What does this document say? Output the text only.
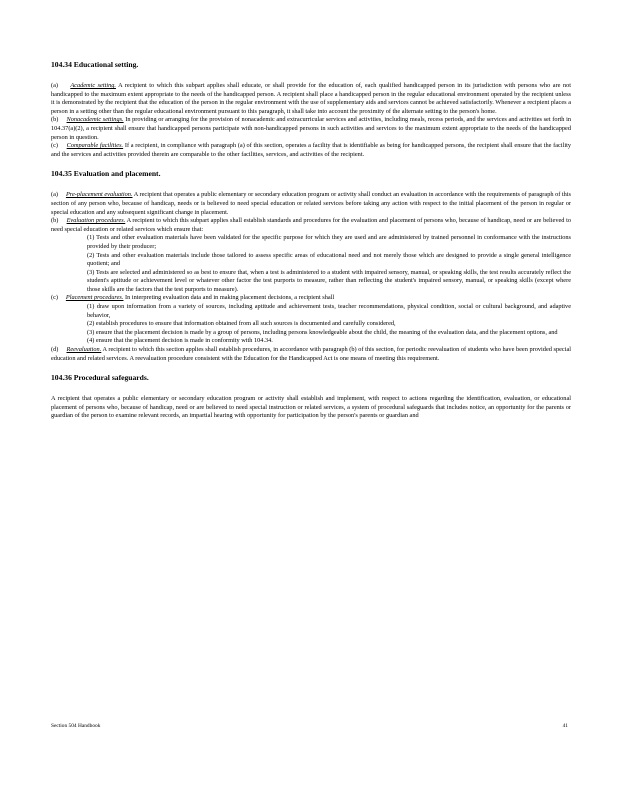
104.34 Educational setting.

(a) Academic setting. A recipient to which this subpart applies shall educate, or shall provide for the education of, each qualified handicapped person in its jurisdiction with persons who are not handicapped to the maximum extent appropriate to the needs of the handicapped person. A recipient shall place a handicapped person in the regular educational environment operated by the recipient unless it is demonstrated by the recipient that the education of the person in the regular environment with the use of supplementary aids and services cannot be achieved satisfactorily. Whenever a recipient places a person in a setting other than the regular educational environment pursuant to this paragraph, it shall take into account the proximity of the alternate setting to the person's home.

(b) Nonacademic settings. In providing or arranging for the provision of nonacademic and extracurricular services and activities, including meals, recess periods, and the services and activities set forth in 104.37(a)(2), a recipient shall ensure that handicapped persons participate with non-handicapped persons in such activities and services to the maximum extent appropriate to the needs of the handicapped person in question.

(c) Comparable facilities. If a recipient, in compliance with paragraph (a) of this section, operates a facility that is identifiable as being for handicapped persons, the recipient shall ensure that the facility and the services and activities provided therein are comparable to the other facilities, services, and activities of the recipient.

104.35 Evaluation and placement.

(a) Pre-placement evaluation. A recipient that operates a public elementary or secondary education program or activity shall conduct an evaluation in accordance with the requirements of paragraph of this section of any person who, because of handicap, needs or is believed to need special education or related services before taking any action with respect to the initial placement of the person in regular or special education and any subsequent significant change in placement.

(b) Evaluation procedures. A recipient to which this subpart applies shall establish standards and procedures for the evaluation and placement of persons who, because of handicap, need or are believed to need special education or related services which ensure that:

(1) Tests and other evaluation materials have been validated for the specific purpose for which they are used and are administered by trained personnel in conformance with the instructions provided by their producer;

(2) Tests and other evaluation materials include those tailored to assess specific areas of educational need and not merely those which are designed to provide a single general intelligence quotient; and

(3) Tests are selected and administered so as best to ensure that, when a test is administered to a student with impaired sensory, manual, or speaking skills, the test results accurately reflect the student's aptitude or achievement level or whatever other factor the test purports to measure, rather than reflecting the student's impaired sensory, manual, or speaking skills (except where those skills are the factors that the test purports to measure).

(c) Placement procedures. In interpreting evaluation data and in making placement decisions, a recipient shall

(1) draw upon information from a variety of sources, including aptitude and achievement tests, teacher recommendations, physical condition, social or cultural background, and adaptive behavior,

(2) establish procedures to ensure that information obtained from all such sources is documented and carefully considered,

(3) ensure that the placement decision is made by a group of persons, including persons knowledgeable about the child, the meaning of the evaluation data, and the placement options, and

(4) ensure that the placement decision is made in conformity with 104.34.

(d) Reevaluation. A recipient to which this section applies shall establish procedures, in accordance with paragraph (b) of this section, for periodic reevaluation of students who have been provided special education and related services. A reevaluation procedure consistent with the Education for the Handicapped Act is one means of meeting this requirement.

104.36 Procedural safeguards.

A recipient that operates a public elementary or secondary education program or activity shall establish and implement, with respect to actions regarding the identification, evaluation, or educational placement of persons who, because of handicap, need or are believed to need special instruction or related services, a system of procedural safeguards that includes notice, an opportunity for the parents or guardian of the person to examine relevant records, an impartial hearing with opportunity for participation by the person's parents or guardian and

Section 504 Handbook	41
